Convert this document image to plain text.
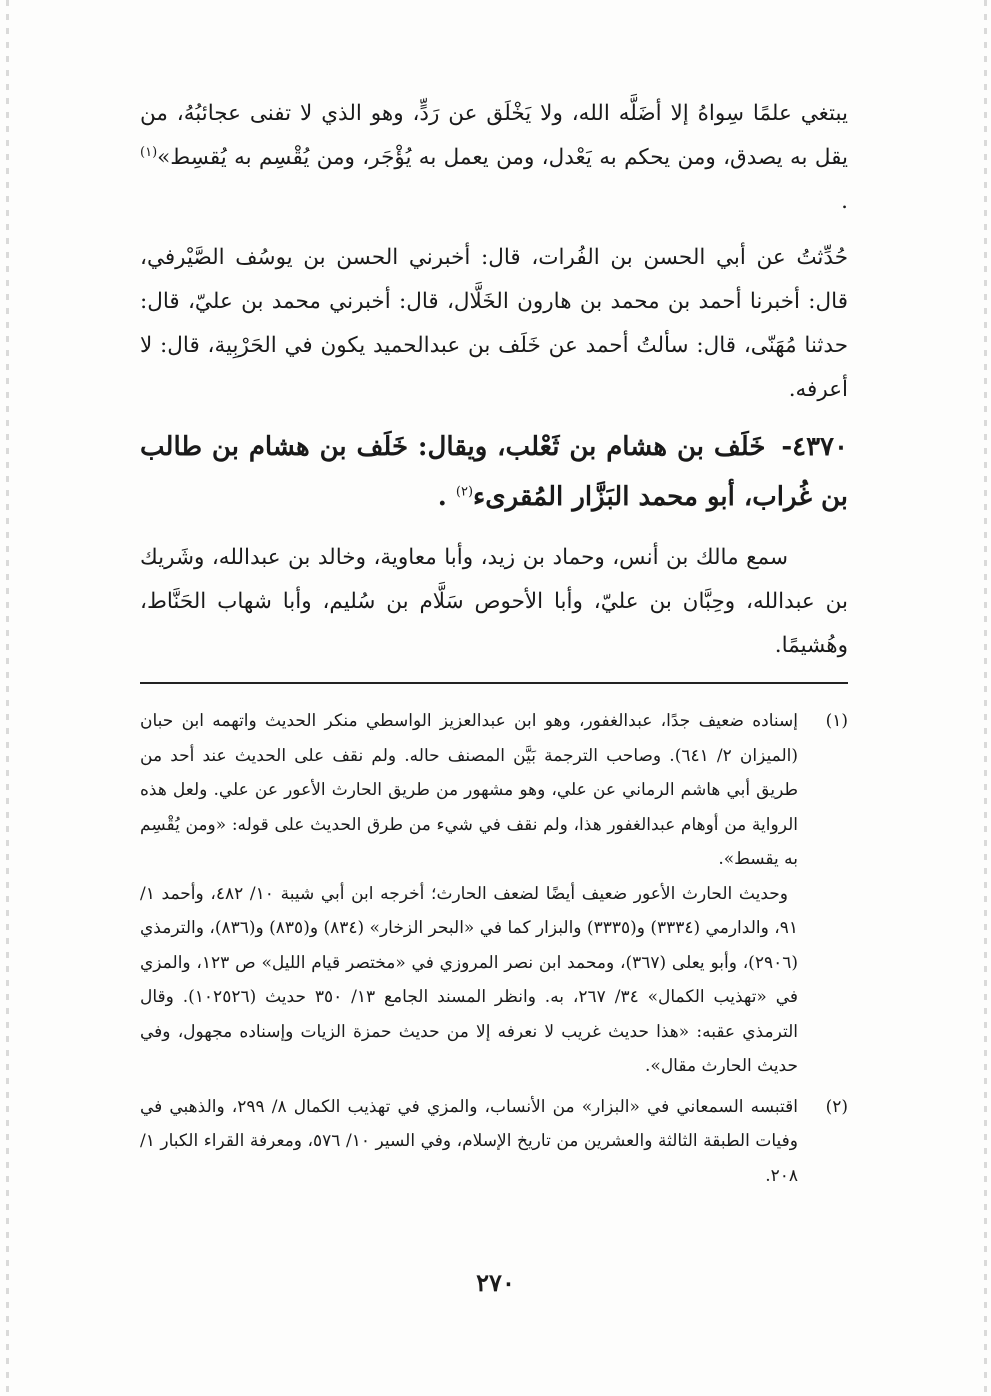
يبتغي علمًا سِواهُ إلا أضَلَّه الله، ولا يَخْلَق عن رَدٍّ، وهو الذي لا تفنى عجائبُهُ، من يقل به يصدق، ومن يحكم به يَعْدل، ومن يعمل به يُؤْجَر، ومن يُقْسِم به يُقسِط»$^{(١)}$ .

حُدِّثتُ عن أبي الحسن بن الفُرات، قال: أخبرني الحسن بن يوسُف الصَّيْرفي، قال: أخبرنا أحمد بن محمد بن هارون الخَلَّال، قال: أخبرني محمد بن عليّ، قال: حدثنا مُهَنّى، قال: سألتُ أحمد عن خَلَف بن عبدالحميد يكون في الحَرْبِية، قال: لا أعرفه.

٤٣٧٠- خَلَف بن هشام بن ثَعْلب، ويقال: خَلَف بن هشام بن طالب بن غُراب، أبو محمد البَزَّار المُقرىء$^{(٢)}$ .

سمع مالك بن أنس، وحماد بن زيد، وأبا معاوية، وخالد بن عبدالله، وشَريك بن عبدالله، وحِبَّان بن عليّ، وأبا الأحوص سَلَّام بن سُليم، وأبا شهاب الحَنَّاط، وهُشيمًا.

(١)

إسناده ضعيف جدًا، عبدالغفور، وهو ابن عبدالعزيز الواسطي منكر الحديث واتهمه ابن حبان (الميزان ٢/ ٦٤١). وصاحب الترجمة بَيَّن المصنف حاله. ولم نقف على الحديث عند أحد من طريق أبي هاشم الرماني عن علي، وهو مشهور من طريق الحارث الأعور عن علي. ولعل هذه الرواية من أوهام عبدالغفور هذا، ولم نقف في شيء من طرق الحديث على قوله: «ومن يُقْسِم به يقسط».

وحديث الحارث الأعور ضعيف أيضًا لضعف الحارث؛ أخرجه ابن أبي شيبة ١٠/ ٤٨٢، وأحمد ١/ ٩١، والدارمي (٣٣٣٤) و(٣٣٣٥) والبزار كما في «البحر الزخار» (٨٣٤) و(٨٣٥) و(٨٣٦)، والترمذي (٢٩٠٦)، وأبو يعلى (٣٦٧)، ومحمد ابن نصر المروزي في «مختصر قيام الليل» ص ١٢٣، والمزي في «تهذيب الكمال» ٣٤/ ٢٦٧، به. وانظر المسند الجامع ١٣/ ٣٥٠ حديث (١٠٢٥٢٦). وقال الترمذي عقبه: «هذا حديث غريب لا نعرفه إلا من حديث حمزة الزيات وإسناده مجهول، وفي حديث الحارث مقال».

(٢)

اقتبسه السمعاني في «البزار» من الأنساب، والمزي في تهذيب الكمال ٨/ ٢٩٩، والذهبي في وفيات الطبقة الثالثة والعشرين من تاريخ الإسلام، وفي السير ١٠/ ٥٧٦، ومعرفة القراء الكبار ١/ ٢٠٨.

٢٧٠
